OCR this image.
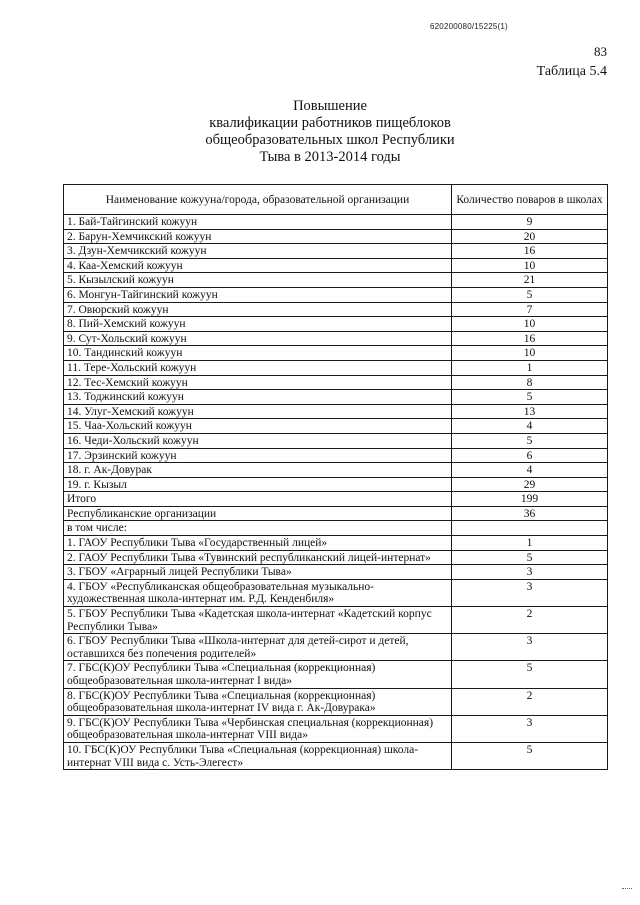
620200080/15225(1)
83
Таблица 5.4
Повышение
квалификации работников пищеблоков
общеобразовательных школ Республики
Тыва в 2013-2014 годы
Наименование кожууна/города, образовательной организации	Количество поваров в школах
1. Бай-Тайгинский кожуун	9
2. Барун-Хемчикский кожуун	20
3. Дзун-Хемчикский кожуун	16
4. Каа-Хемский кожуун	10
5. Кызылский кожуун	21
6. Монгун-Тайгинский кожуун	5
7. Овюрский кожуун	7
8. Пий-Хемский кожуун	10
9. Сут-Хольский кожуун	16
10. Тандинский кожуун	10
11. Тере-Хольский кожуун	1
12. Тес-Хемский кожуун	8
13. Тоджинский кожуун	5
14. Улуг-Хемский кожуун	13
15. Чаа-Хольский кожуун	4
16. Чеди-Хольский кожуун	5
17. Эрзинский кожуун	6
18. г. Ак-Довурак	4
19. г. Кызыл	29
Итого	199
Республиканские организации	36
в том числе:	
1. ГАОУ Республики Тыва «Государственный лицей»	1
2. ГАОУ Республики Тыва «Тувинский республиканский лицей-интернат»	5
3. ГБОУ «Аграрный лицей Республики Тыва»	3
4. ГБОУ «Республиканская общеобразовательная музыкально-художественная школа-интернат им. Р.Д. Кенденбиля»	3
5. ГБОУ Республики Тыва «Кадетская школа-интернат «Кадетский корпус Республики Тыва»	2
6. ГБОУ Республики Тыва «Школа-интернат для детей-сирот и детей, оставшихся без попечения родителей»	3
7. ГБС(К)ОУ Республики Тыва «Специальная (коррекционная) общеобразовательная школа-интернат I вида»	5
8. ГБС(К)ОУ Республики Тыва «Специальная (коррекционная) общеобразовательная школа-интернат IV вида г. Ак-Довурака»	2
9. ГБС(К)ОУ Республики Тыва «Чербинская специальная (коррекционная) общеобразовательная школа-интернат VIII вида»	3
10. ГБС(К)ОУ Республики Тыва «Специальная (коррекционная) школа-интернат VIII вида с. Усть-Элегест»	5
